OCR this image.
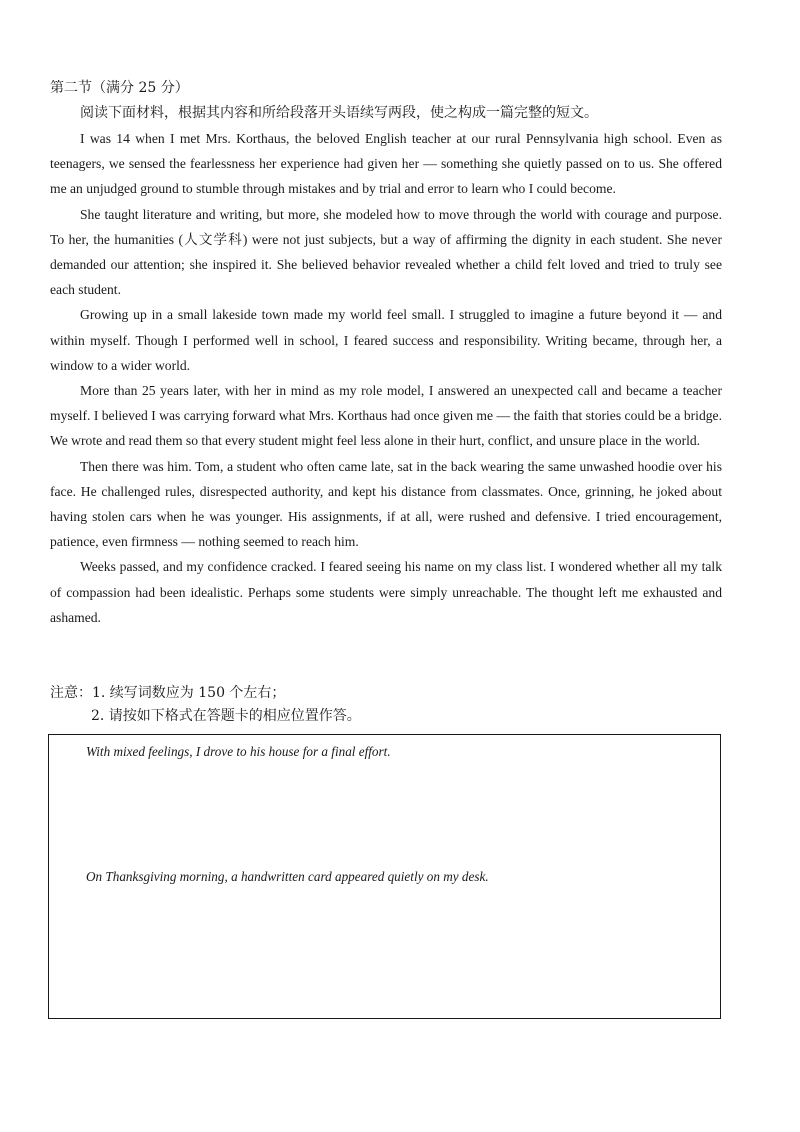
第二节（满分 25 分）
阅读下面材料，根据其内容和所给段落开头语续写两段，使之构成一篇完整的短文。

I was 14 when I met Mrs. Korthaus, the beloved English teacher at our rural Pennsylvania high school. Even as teenagers, we sensed the fearlessness her experience had given her — something she quietly passed on to us. She offered me an unjudged ground to stumble through mistakes and by trial and error to learn who I could become.

She taught literature and writing, but more, she modeled how to move through the world with courage and purpose. To her, the humanities (人文学科) were not just subjects, but a way of affirming the dignity in each student. She never demanded our attention; she inspired it. She believed behavior revealed whether a child felt loved and tried to truly see each student.

Growing up in a small lakeside town made my world feel small. I struggled to imagine a future beyond it — and within myself. Though I performed well in school, I feared success and responsibility. Writing became, through her, a window to a wider world.

More than 25 years later, with her in mind as my role model, I answered an unexpected call and became a teacher myself. I believed I was carrying forward what Mrs. Korthaus had once given me — the faith that stories could be a bridge. We wrote and read them so that every student might feel less alone in their hurt, conflict, and unsure place in the world.

Then there was him. Tom, a student who often came late, sat in the back wearing the same unwashed hoodie over his face. He challenged rules, disrespected authority, and kept his distance from classmates. Once, grinning, he joked about having stolen cars when he was younger. His assignments, if at all, were rushed and defensive. I tried encouragement, patience, even firmness — nothing seemed to reach him.

Weeks passed, and my confidence cracked. I feared seeing his name on my class list. I wondered whether all my talk of compassion had been idealistic. Perhaps some students were simply unreachable. The thought left me exhausted and ashamed.

注意：1. 续写词数应为 150 个左右；
2. 请按如下格式在答题卡的相应位置作答。
With mixed feelings, I drove to his house for a final effort.
On Thanksgiving morning, a handwritten card appeared quietly on my desk.
